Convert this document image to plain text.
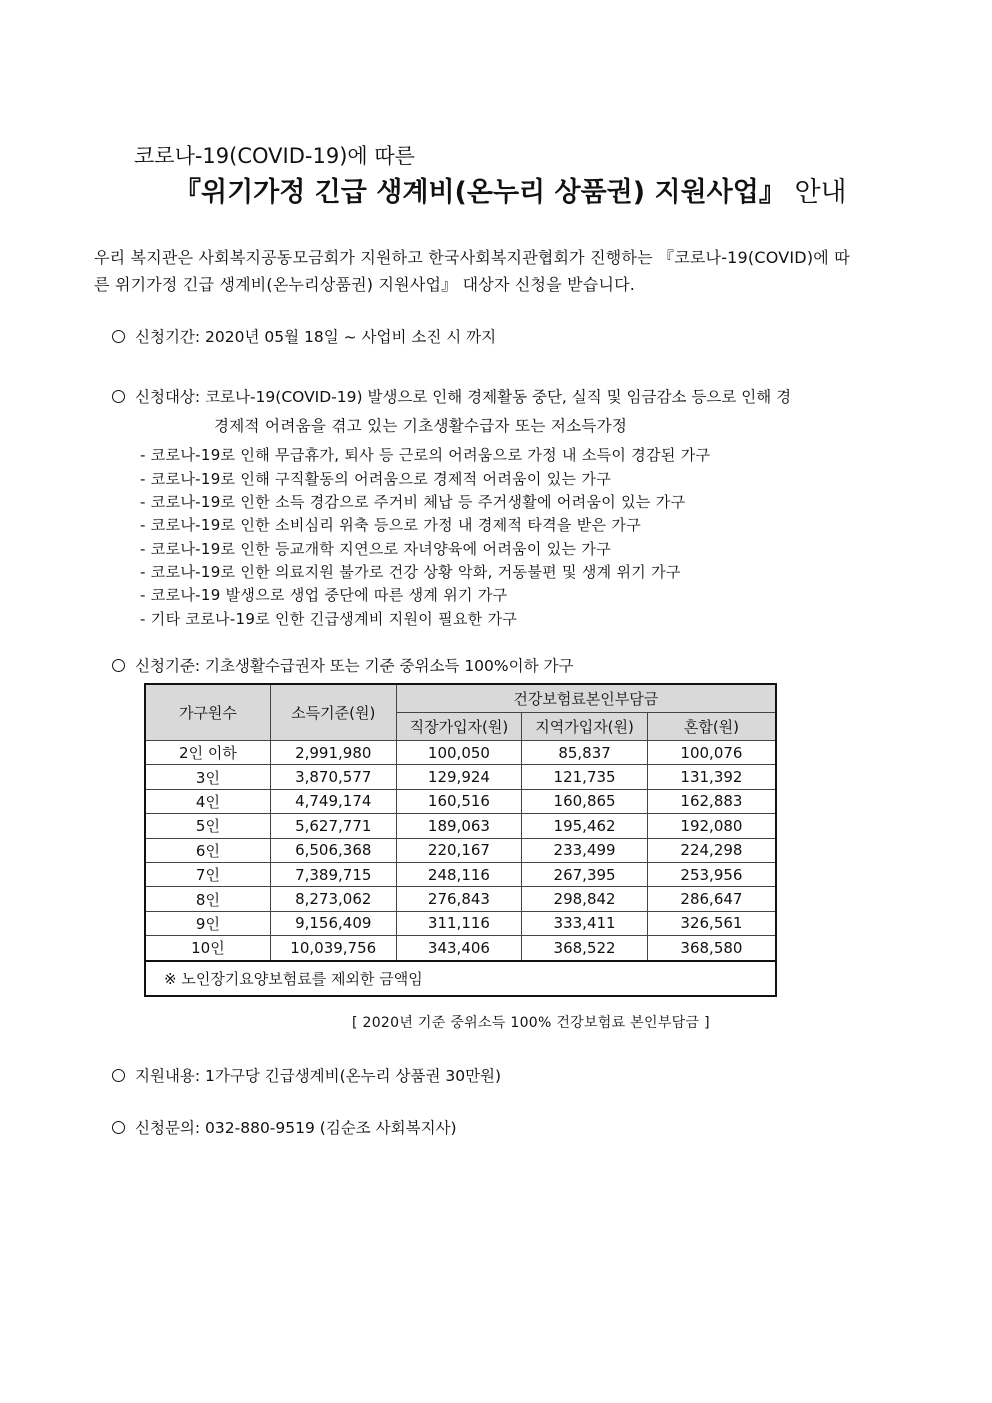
코로나-19(COVID-19)에 따른
『위기가정 긴급 생계비(온누리 상품권) 지원사업』 안내
우리 복지관은 사회복지공동모금회가 지원하고 한국사회복지관협회가 진행하는 『코로나-19(COVID)에 따
른 위기가정 긴급 생계비(온누리상품권) 지원사업』 대상자 신청을 받습니다.
신청기간: 2020년 05월 18일 ~ 사업비 소진 시 까지
신청대상: 코로나-19(COVID-19) 발생으로 인해 경제활동 중단, 실직 및 임금감소 등으로 인해 경
경제적 어려움을 겪고 있는 기초생활수급자 또는 저소득가정
- 코로나-19로 인해 무급휴가, 퇴사 등 근로의 어려움으로 가정 내 소득이 경감된 가구
- 코로나-19로 인해 구직활동의 어려움으로 경제적 어려움이 있는 가구
- 코로나-19로 인한 소득 경감으로 주거비 체납 등 주거생활에 어려움이 있는 가구
- 코로나-19로 인한 소비심리 위축 등으로 가정 내 경제적 타격을 받은 가구
- 코로나-19로 인한 등교개학 지연으로 자녀양육에 어려움이 있는 가구
- 코로나-19로 인한 의료지원 불가로 건강 상황 악화, 거동불편 및 생계 위기 가구
- 코로나-19 발생으로 생업 중단에 따른 생계 위기 가구
- 기타 코로나-19로 인한 긴급생계비 지원이 필요한 가구
신청기준: 기초생활수급권자 또는 기준 중위소득 100%이하 가구
가구원수	소득기준(원)	건강보험료본인부담금		
		직장가입자(원)	지역가입자(원)	혼합(원)
2인 이하	2,991,980	100,050	85,837	100,076
3인	3,870,577	129,924	121,735	131,392
4인	4,749,174	160,516	160,865	162,883
5인	5,627,771	189,063	195,462	192,080
6인	6,506,368	220,167	233,499	224,298
7인	7,389,715	248,116	267,395	253,956
8인	8,273,062	276,843	298,842	286,647
9인	9,156,409	311,116	333,411	326,561
10인	10,039,756	343,406	368,522	368,580
※ 노인장기요양보험료를 제외한 금액임				
[ 2020년 기준 중위소득 100% 건강보험료 본인부담금 ]
지원내용: 1가구당 긴급생계비(온누리 상품권 30만원)
신청문의: 032-880-9519 (김순조 사회복지사)
